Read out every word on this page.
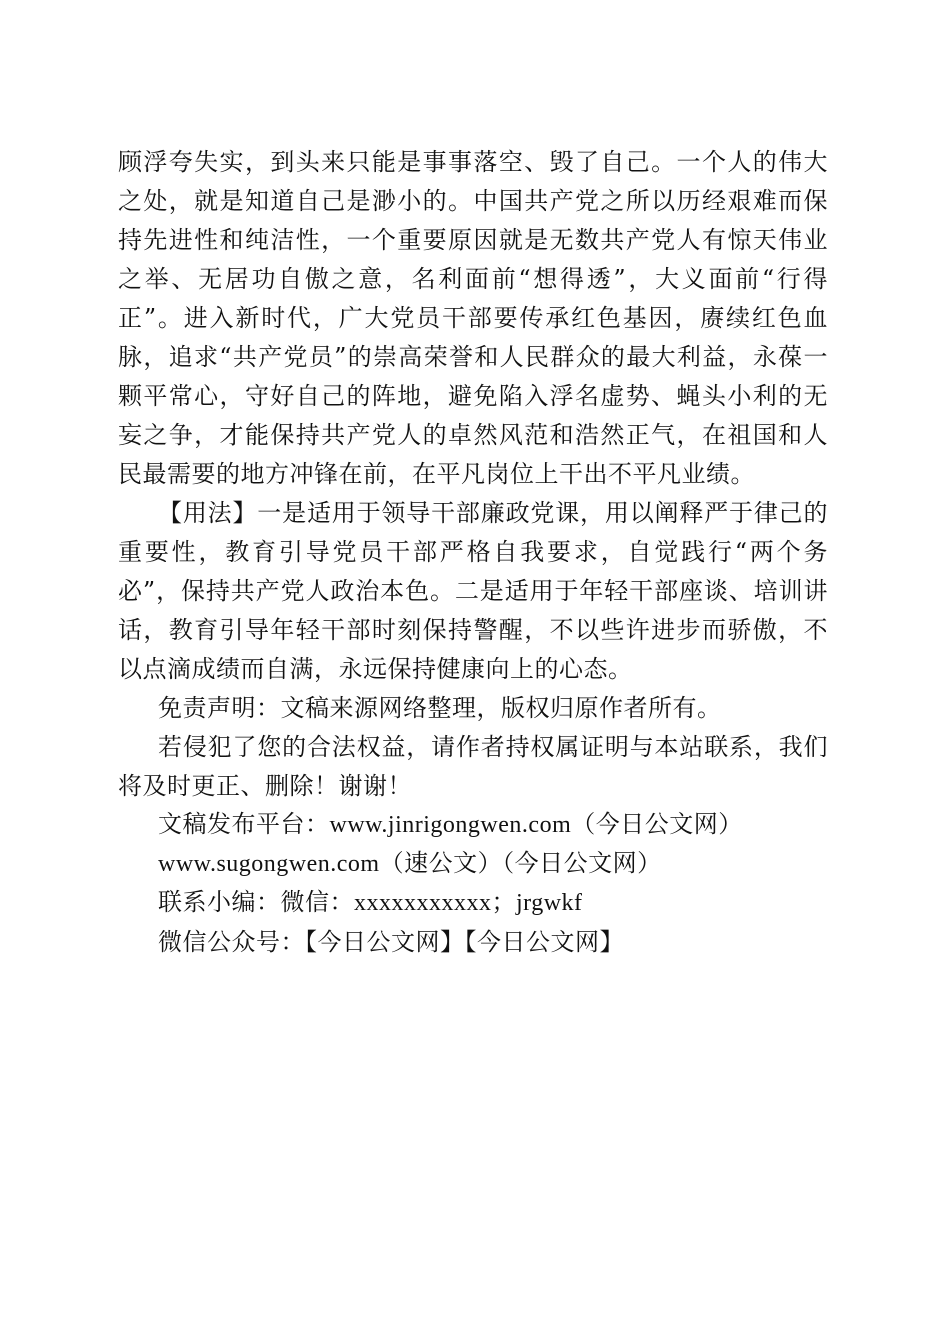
顾浮夸失实，到头来只能是事事落空、毁了自己。一个人的伟大之处，就是知道自己是渺小的。中国共产党之所以历经艰难而保持先进性和纯洁性，一个重要原因就是无数共产党人有惊天伟业之举、无居功自傲之意，名利面前“想得透”，大义面前“行得正”。进入新时代，广大党员干部要传承红色基因，赓续红色血脉，追求“共产党员”的崇高荣誉和人民群众的最大利益，永葆一颗平常心，守好自己的阵地，避免陷入浮名虚势、蝇头小利的无妄之争，才能保持共产党人的卓然风范和浩然正气，在祖国和人民最需要的地方冲锋在前，在平凡岗位上干出不平凡业绩。

【用法】一是适用于领导干部廉政党课，用以阐释严于律己的重要性，教育引导党员干部严格自我要求，自觉践行“两个务必”，保持共产党人政治本色。二是适用于年轻干部座谈、培训讲话，教育引导年轻干部时刻保持警醒，不以些许进步而骄傲，不以点滴成绩而自满，永远保持健康向上的心态。

免责声明：文稿来源网络整理，版权归原作者所有。

若侵犯了您的合法权益，请作者持权属证明与本站联系，我们将及时更正、删除！谢谢！

文稿发布平台：www.jinrigongwen.com（今日公文网）

www.sugongwen.com（速公文）（今日公文网）

联系小编：微信：xxxxxxxxxxx；jrgwkf

微信公众号：【今日公文网】【今日公文网】
